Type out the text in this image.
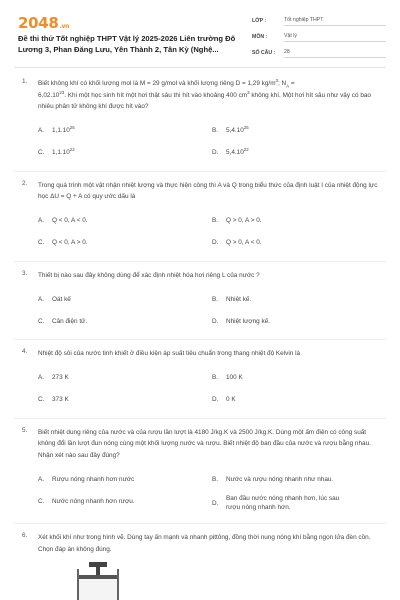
2048.vn
Đề thi thử Tốt nghiệp THPT Vật lý 2025-2026 Liên trường Đô Lương 3, Phan Đăng Lưu, Yên Thành 2, Tân Kỳ (Nghệ...
LỚP :	Tốt nghiệp THPT
MÔN :	Vật lý
SỐ CÂU :	28
1. Biết không khí có khối lượng mol là M = 29 g/mol và khối lượng riêng D = 1,29 $kg/m^3$; $N_A$ =
$6,02.10^{23}$. Khi một học sinh hít một hơi thật sâu thì hít vào khoảng 400 $cm^3$ không khí. Một hơi hít sâu như vậy có bao nhiêu phân tử không khí được hít vào?
A.	1,1.10$^{25}$	B.	5,4.10$^{25}$
C.	1,1.10$^{22}$	D.	5,4.10$^{22}$
2. Trong quá trình một vật nhận nhiệt lượng và thực hiện công thì A và Q trong biểu thức của định luật I của nhiệt động lực học ΔU = Q + A có quy ước dấu là
A.	Q < 0, A < 0.	B.	Q > 0, A > 0.
C.	Q < 0, A > 0.	D.	Q > 0, A < 0.
3. Thiết bị nào sau đây không dùng để xác định nhiệt hóa hơi riêng L của nước ?
A.	Oát kế	B.	Nhiệt kế.
C.	Cân điện tử.	D.	Nhiệt lượng kế.
4. Nhiệt độ sôi của nước tinh khiết ở điều kiện áp suất tiêu chuẩn trong thang nhiệt độ Kelvin là
A.	273 K	B.	100 K
C.	373 K	D.	0 K
5. Biết nhiệt dung riêng của nước và của rượu lần lượt là 4180 J/kg.K và 2500 J/kg.K. Dùng một ấm điện có công suất không đổi lần lượt đun nóng cùng một khối lượng nước và rượu. Biết nhiệt độ ban đầu của nước và rượu bằng nhau. Nhận xét nào sau đây đúng?
A.	Rượu nóng nhanh hơn nước	B.	Nước và rượu nóng nhanh như nhau.
C.	Nước nóng nhanh hơn rượu.	D.
Ban đầu nước nóng nhanh hơn, lúc sau rượu nóng nhanh hơn.
6. Xét khối khí như trong hình vẽ. Dùng tay ấn mạnh và nhanh pittông, đồng thời nung nóng khí bằng ngọn lửa đèn cồn. Chọn đáp án không đúng.
